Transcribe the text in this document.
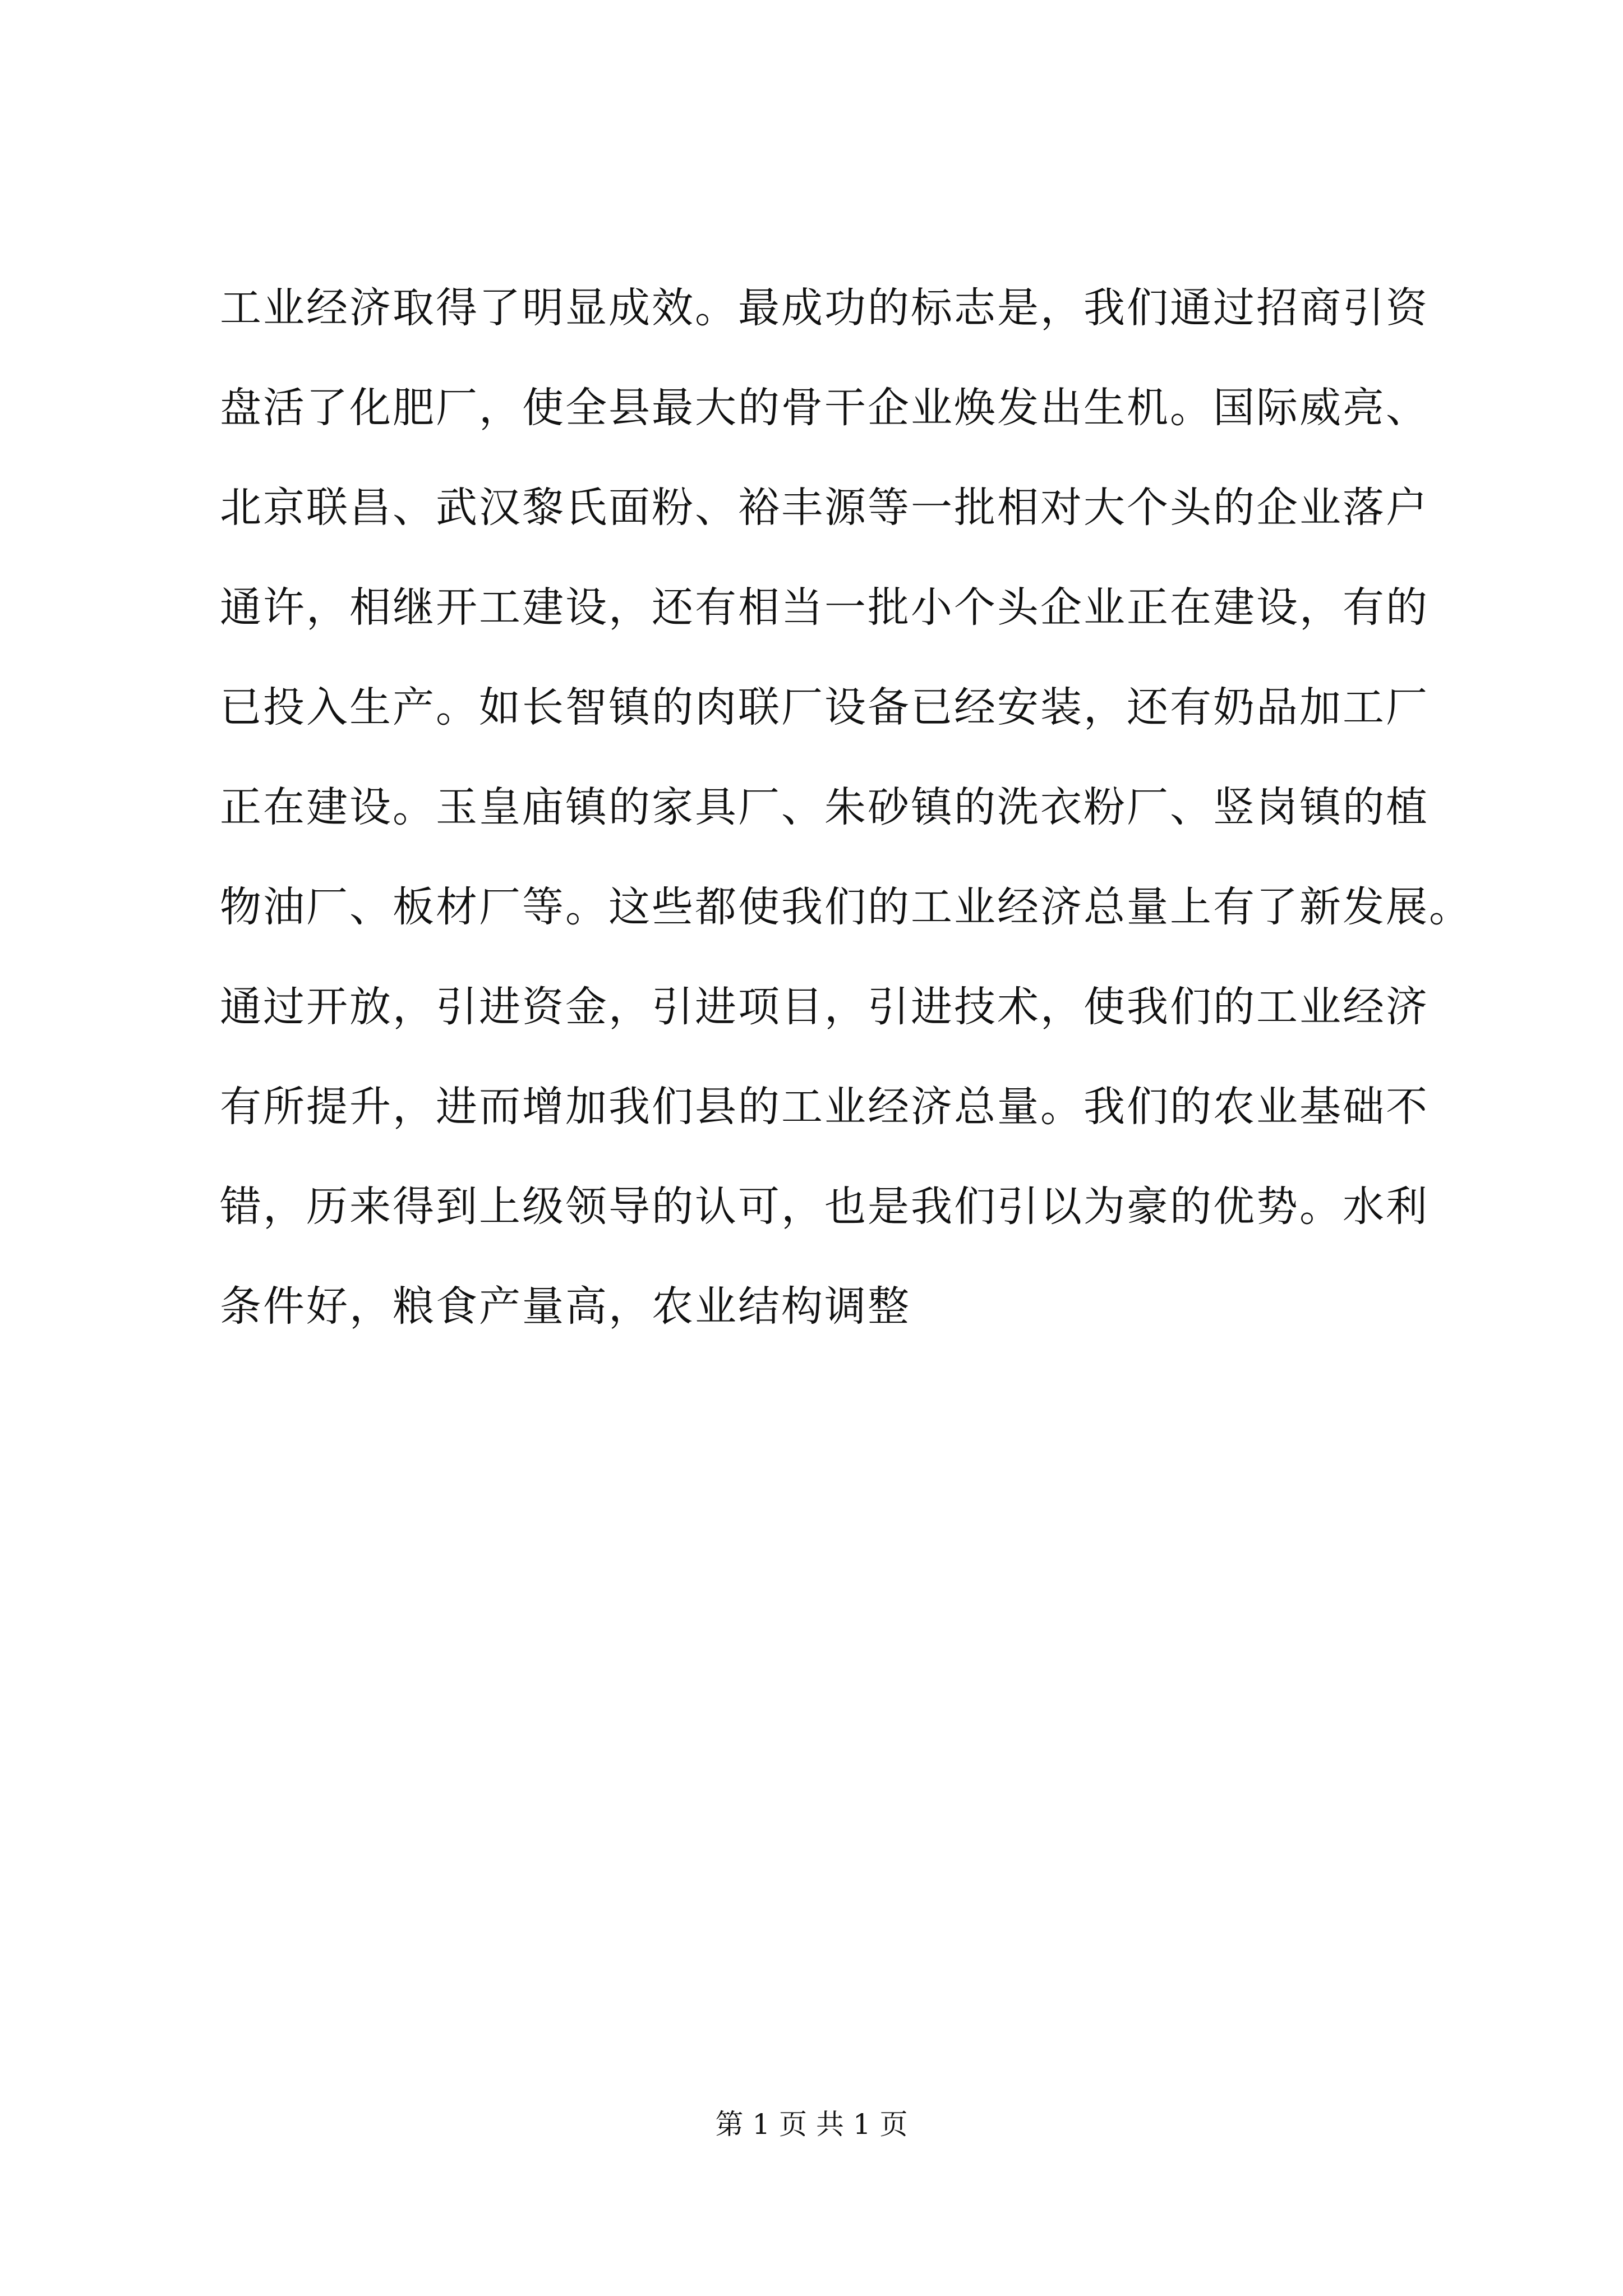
工业经济取得了明显成效。最成功的标志是，我们通过招商引资
盘活了化肥厂，使全县最大的骨干企业焕发出生机。国际威亮、
北京联昌、武汉黎氏面粉、裕丰源等一批相对大个头的企业落户
通许，相继开工建设，还有相当一批小个头企业正在建设，有的
已投入生产。如长智镇的肉联厂设备已经安装，还有奶品加工厂
正在建设。玉皇庙镇的家具厂、朱砂镇的洗衣粉厂、竖岗镇的植
物油厂、板材厂等。这些都使我们的工业经济总量上有了新发展。
通过开放，引进资金，引进项目，引进技术，使我们的工业经济
有所提升，进而增加我们县的工业经济总量。我们的农业基础不
错，历来得到上级领导的认可，也是我们引以为豪的优势。水利
条件好，粮食产量高，农业结构调整
第 1 页 共 1 页
